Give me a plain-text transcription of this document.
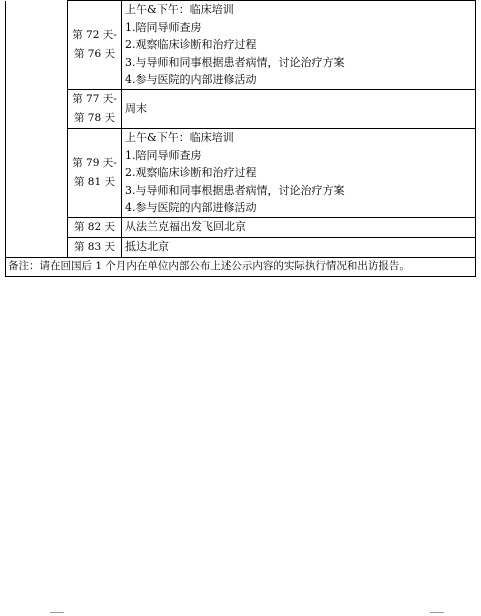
	第 72 天-
第 76 天	上午&下午：临床培训
1.陪同导师查房
2.观察临床诊断和治疗过程
3.与导师和同事根据患者病情，讨论治疗方案
4.参与医院的内部进修活动

	第 77 天-
第 78 天	周末

	第 79 天-
第 81 天	上午&下午：临床培训
1.陪同导师查房
2.观察临床诊断和治疗过程
3.与导师和同事根据患者病情，讨论治疗方案
4.参与医院的内部进修活动

	第 82 天	从法兰克福出发飞回北京

	第 83 天	抵达北京

备注：请在回国后 1 个月内在单位内部公布上述公示内容的实际执行情况和出访报告。		
